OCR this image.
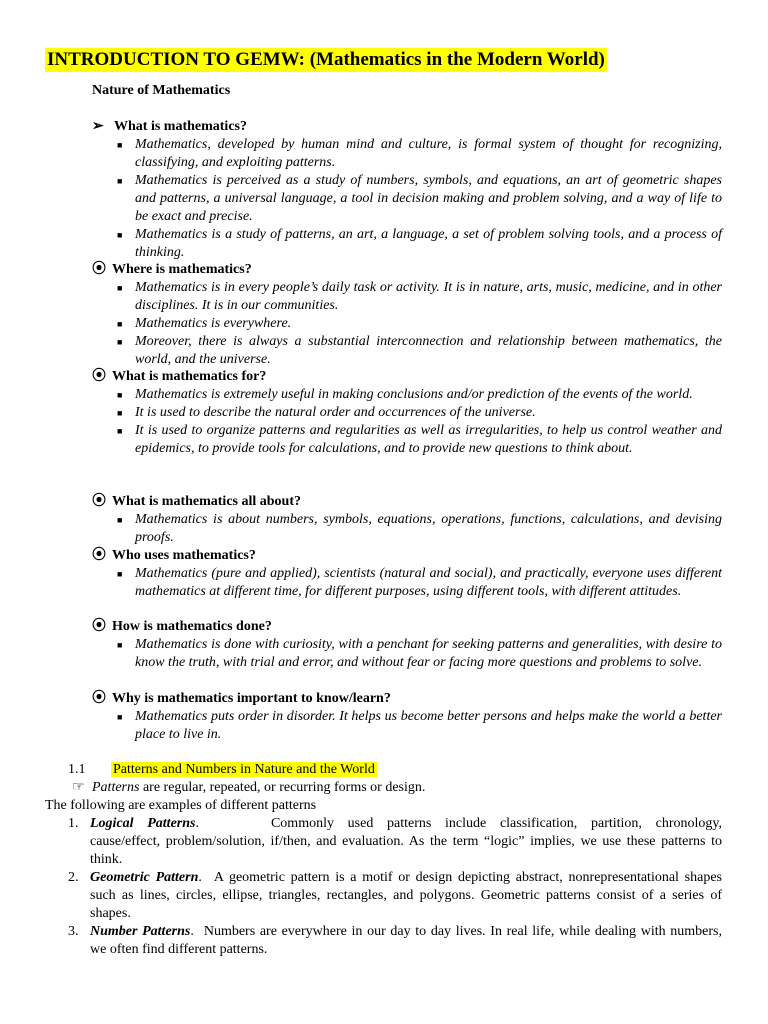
INTRODUCTION TO GEMW: (Mathematics in the Modern World)
Nature of Mathematics
➢ What is mathematics?
■ Mathematics, developed by human mind and culture, is formal system of thought for recognizing, classifying, and exploiting patterns.
■ Mathematics is perceived as a study of numbers, symbols, and equations, an art of geometric shapes and patterns, a universal language, a tool in decision making and problem solving, and a way of life to be exact and precise.
■ Mathematics is a study of patterns, an art, a language, a set of problem solving tools, and a process of thinking.
⦿ Where is mathematics?
■ Mathematics is in every people’s daily task or activity. It is in nature, arts, music, medicine, and in other disciplines. It is in our communities.
■ Mathematics is everywhere.
■ Moreover, there is always a substantial interconnection and relationship between mathematics, the world, and the universe.
⦿ What is mathematics for?
■ Mathematics is extremely useful in making conclusions and/or prediction of the events of the world.
■ It is used to describe the natural order and occurrences of the universe.
■ It is used to organize patterns and regularities as well as irregularities, to help us control weather and epidemics, to provide tools for calculations, and to provide new questions to think about.
⦿ What is mathematics all about?
■ Mathematics is about numbers, symbols, equations, operations, functions, calculations, and devising proofs.
⦿ Who uses mathematics?
■ Mathematics (pure and applied), scientists (natural and social), and practically, everyone uses different mathematics at different time, for different purposes, using different tools, with different attitudes.
⦿ How is mathematics done?
■ Mathematics is done with curiosity, with a penchant for seeking patterns and generalities, with desire to know the truth, with trial and error, and without fear or facing more questions and problems to solve.
⦿ Why is mathematics important to know/learn?
■ Mathematics puts order in disorder. It helps us become better persons and helps make the world a better place to live in.
1.1 Patterns and Numbers in Nature and the World
☞ Patterns are regular, repeated, or recurring forms or design.
The following are examples of different patterns
1. Logical Patterns.	Commonly used patterns include classification, partition, chronology, cause/effect, problem/solution, if/then, and evaluation. As the term “logic” implies, we use these patterns to think.
2. Geometric Pattern. A geometric pattern is a motif or design depicting abstract, nonrepresentational shapes such as lines, circles, ellipse, triangles, rectangles, and polygons. Geometric patterns consist of a series of shapes.
3. Number Patterns. Numbers are everywhere in our day to day lives. In real life, while dealing with numbers, we often find different patterns.
